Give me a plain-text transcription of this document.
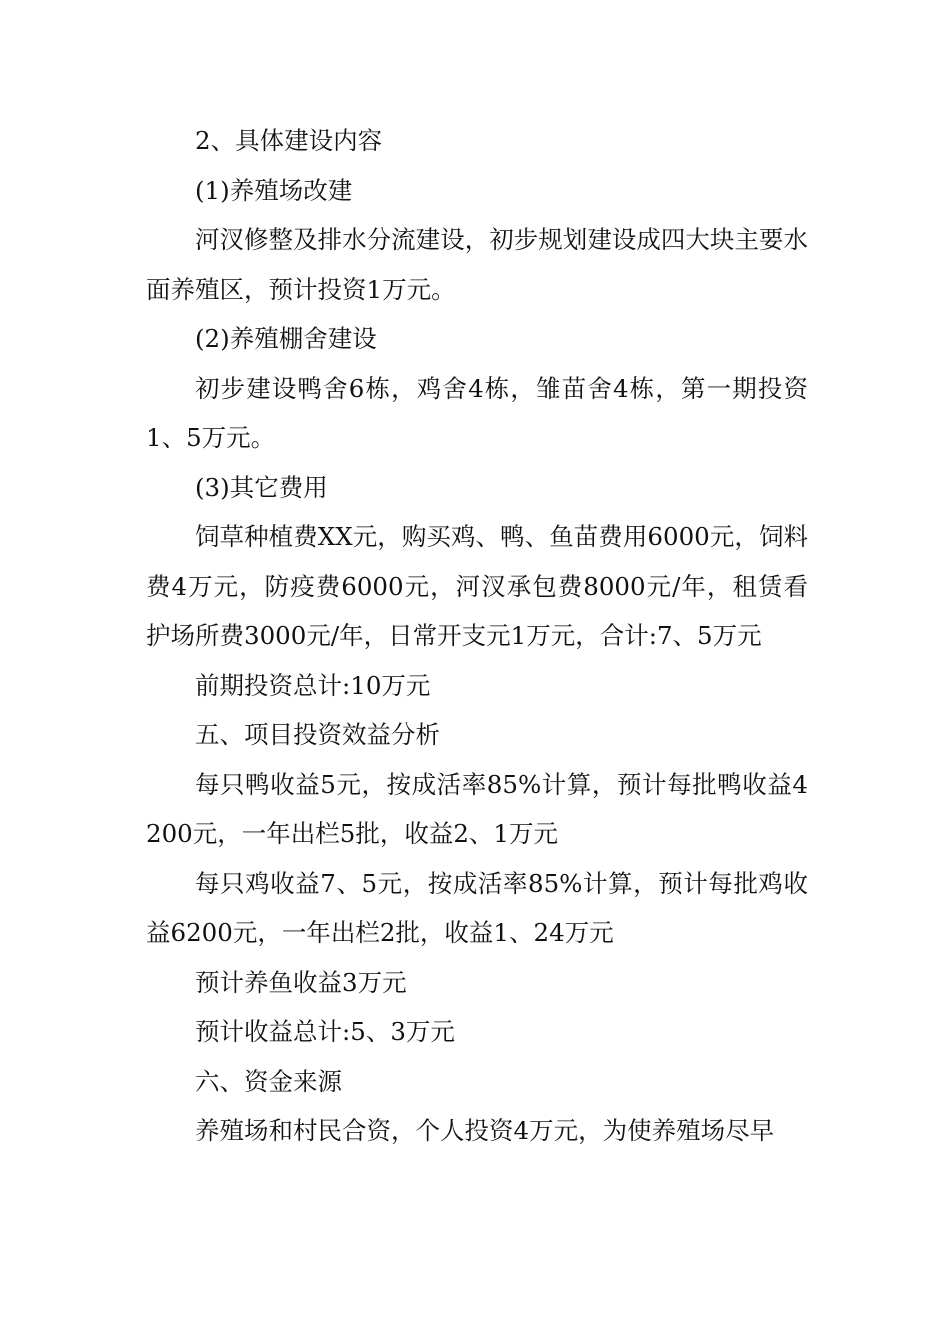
2、具体建设内容

(1)养殖场改建

河汊修整及排水分流建设，初步规划建设成四大块主要水面养殖区，预计投资1万元。

(2)养殖棚舍建设

初步建设鸭舍6栋，鸡舍4栋，雏苗舍4栋，第一期投资1、5万元。

(3)其它费用

饲草种植费XX元，购买鸡、鸭、鱼苗费用6000元，饲料费4万元，防疫费6000元，河汊承包费8000元/年，租赁看护场所费3000元/年，日常开支元1万元，合计:7、5万元

前期投资总计:10万元

五、项目投资效益分析

每只鸭收益5元，按成活率85%计算，预计每批鸭收益4200元，一年出栏5批，收益2、1万元

每只鸡收益7、5元，按成活率85%计算，预计每批鸡收益6200元，一年出栏2批，收益1、24万元

预计养鱼收益3万元

预计收益总计:5、3万元

六、资金来源

养殖场和村民合资，个人投资4万元，为使养殖场尽早
